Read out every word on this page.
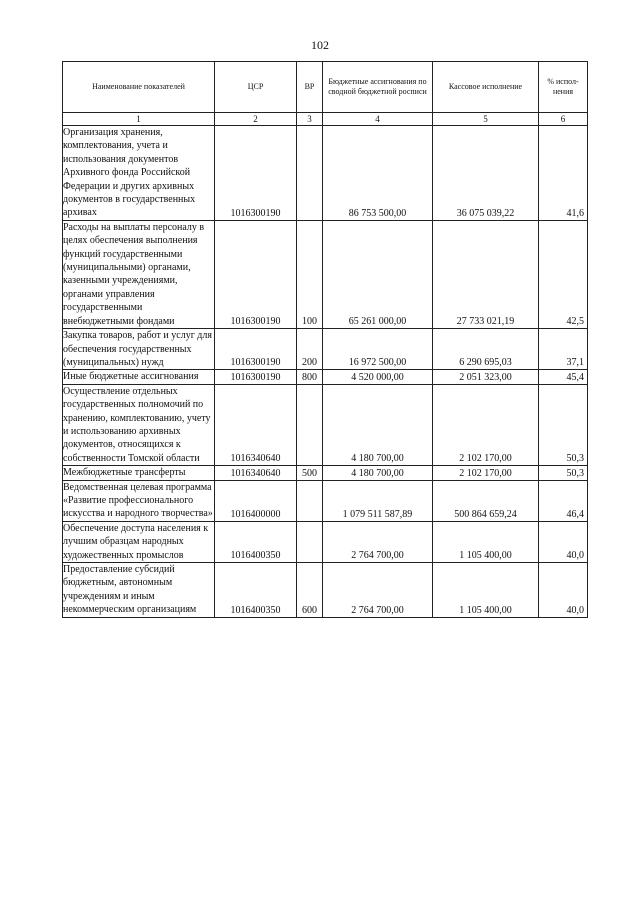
102
Наименование показателей	ЦСР	ВР	Бюджетные ассигнования по сводной бюджетной росписи	Кассовое исполнение	% испол-нения
1	2	3	4	5	6
Организация хранения, комплектования, учета и использования документов Архивного фонда Российской Федерации и других архивных документов в государственных архивах	1016300190		86 753 500,00	36 075 039,22	41,6
Расходы на выплаты персоналу в целях обеспечения выполнения функций государственными (муниципальными) органами, казенными учреждениями, органами управления государственными внебюджетными фондами	1016300190	100	65 261 000,00	27 733 021,19	42,5
Закупка товаров, работ и услуг для обеспечения государственных (муниципальных) нужд	1016300190	200	16 972 500,00	6 290 695,03	37,1
Иные бюджетные ассигнования	1016300190	800	4 520 000,00	2 051 323,00	45,4
Осуществление отдельных государственных полномочий по хранению, комплектованию, учету и использованию архивных документов, относящихся к собственности Томской области	1016340640		4 180 700,00	2 102 170,00	50,3
Межбюджетные трансферты	1016340640	500	4 180 700,00	2 102 170,00	50,3
Ведомственная целевая программа «Развитие профессионального искусства и народного творчества»	1016400000		1 079 511 587,89	500 864 659,24	46,4
Обеспечение доступа населения к лучшим образцам народных художественных промыслов	1016400350		2 764 700,00	1 105 400,00	40,0
Предоставление субсидий бюджетным, автономным учреждениям и иным некоммерческим организациям	1016400350	600	2 764 700,00	1 105 400,00	40,0
